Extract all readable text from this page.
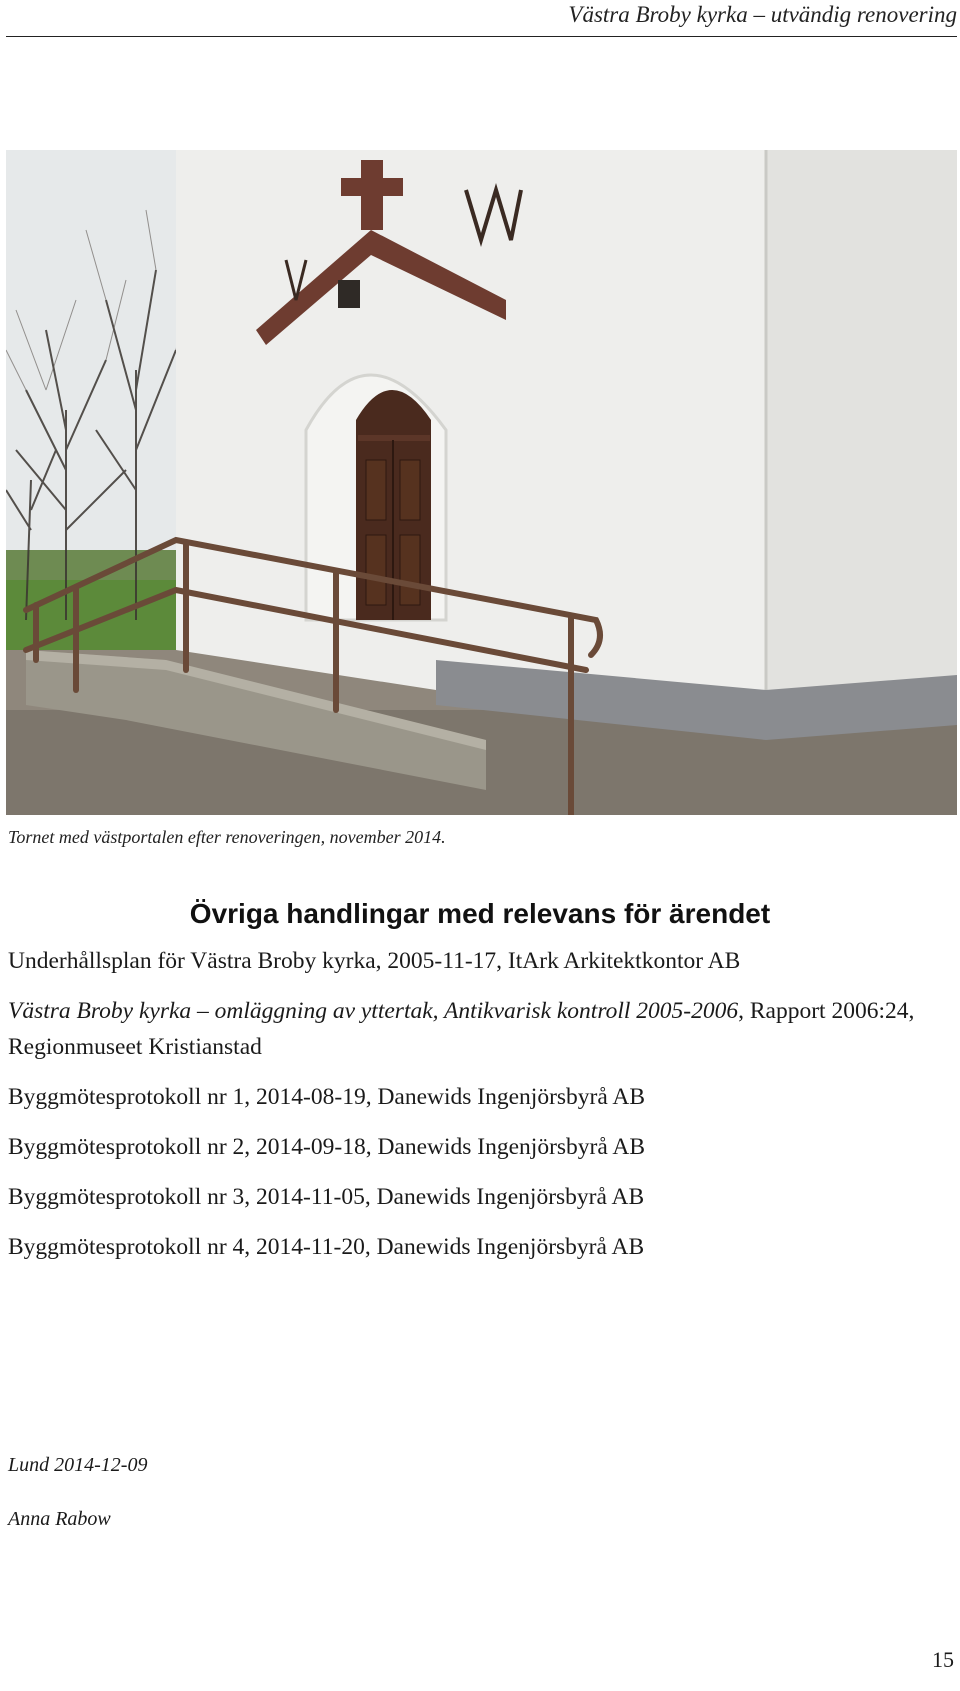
Västra Broby kyrka – utvändig renovering
Tornet med västportalen efter renoveringen, november 2014.
Övriga handlingar med relevans för ärendet
Underhållsplan för Västra Broby kyrka, 2005-11-17, ItArk Arkitektkontor AB
Västra Broby kyrka – omläggning av yttertak, Antikvarisk kontroll 2005-2006, Rapport 2006:24, Regionmuseet Kristianstad
Byggmötesprotokoll nr 1, 2014-08-19, Danewids Ingenjörsbyrå AB
Byggmötesprotokoll nr 2, 2014-09-18, Danewids Ingenjörsbyrå AB
Byggmötesprotokoll nr 3, 2014-11-05, Danewids Ingenjörsbyrå AB
Byggmötesprotokoll nr 4, 2014-11-20, Danewids Ingenjörsbyrå AB
Lund 2014-12-09
Anna Rabow
15
